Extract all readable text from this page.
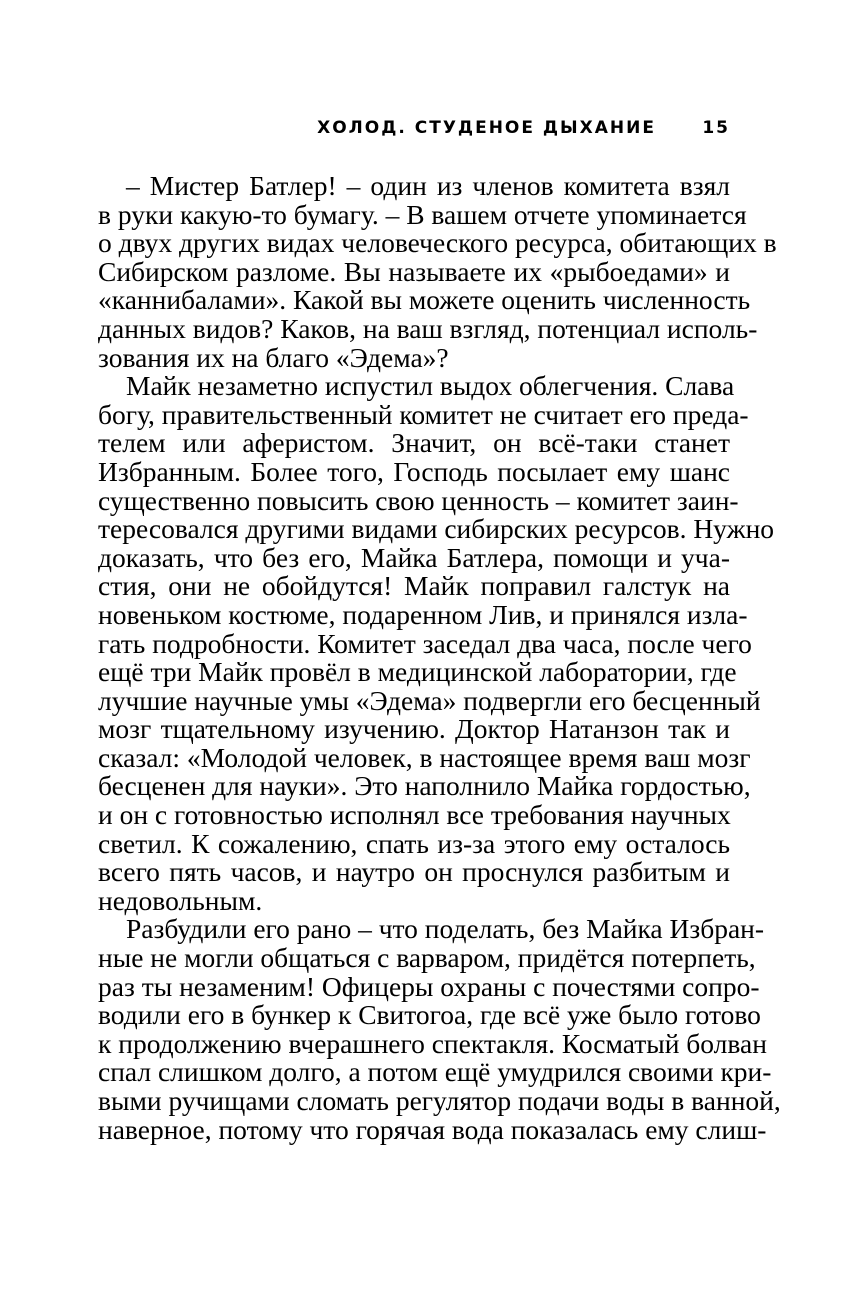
ХОЛОД. СТУДЕНОЕ ДЫХАНИЕ	15
– Мистер Батлер! – один из членов комитета взял
в руки какую-то бумагу. – В вашем отчете упоминается
о двух других видах человеческого ресурса, обитающих в
Сибирском разломе. Вы называете их «рыбоедами» и
«каннибалами». Какой вы можете оценить численность
данных видов? Каков, на ваш взгляд, потенциал исполь-
зования их на благо «Эдема»?
Майк незаметно испустил выдох облегчения. Слава
богу, правительственный комитет не считает его преда-
телем или аферистом. Значит, он всё-таки станет
Избранным. Более того, Господь посылает ему шанс
существенно повысить свою ценность – комитет заин-
тересовался другими видами сибирских ресурсов. Нужно
доказать, что без его, Майка Батлера, помощи и уча-
стия, они не обойдутся! Майк поправил галстук на
новеньком костюме, подаренном Лив, и принялся изла-
гать подробности. Комитет заседал два часа, после чего
ещё три Майк провёл в медицинской лаборатории, где
лучшие научные умы «Эдема» подвергли его бесценный
мозг тщательному изучению. Доктор Натанзон так и
сказал: «Молодой человек, в настоящее время ваш мозг
бесценен для науки». Это наполнило Майка гордостью,
и он с готовностью исполнял все требования научных
светил. К сожалению, спать из-за этого ему осталось
всего пять часов, и наутро он проснулся разбитым и
недовольным.
Разбудили его рано – что поделать, без Майка Избран-
ные не могли общаться с варваром, придётся потерпеть,
раз ты незаменим! Офицеры охраны с почестями сопро-
водили его в бункер к Свитогоа, где всё уже было готово
к продолжению вчерашнего спектакля. Косматый болван
спал слишком долго, а потом ещё умудрился своими кри-
выми ручищами сломать регулятор подачи воды в ванной,
наверное, потому что горячая вода показалась ему слиш-
